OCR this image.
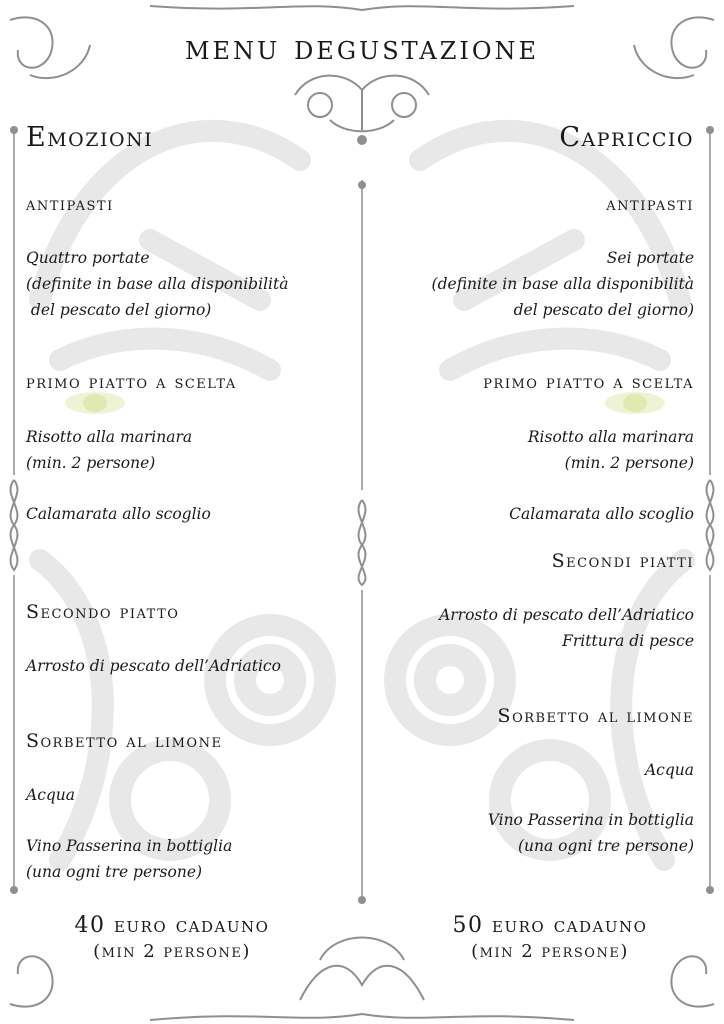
menu degustazione
Emozioni
antipasti
Quattro portate
(definite in base alla disponibilità
del pescato del giorno)
primo piatto a scelta
Risotto alla marinara
(min. 2 persone)
Calamarata allo scoglio
Secondo piatto
Arrosto di pescato dell’Adriatico
Sorbetto al limone
Acqua
Vino Passerina in bottiglia
(una ogni tre persone)
40 euro cadauno
(min 2 persone)
Capriccio
antipasti
Sei portate
(definite in base alla disponibilità
del pescato del giorno)
primo piatto a scelta
Risotto alla marinara
(min. 2 persone)
Calamarata allo scoglio
Secondi piatti
Arrosto di pescato dell’Adriatico
Frittura di pesce
Sorbetto al limone
Acqua
Vino Passerina in bottiglia
(una ogni tre persone)
50 euro cadauno
(min 2 persone)
